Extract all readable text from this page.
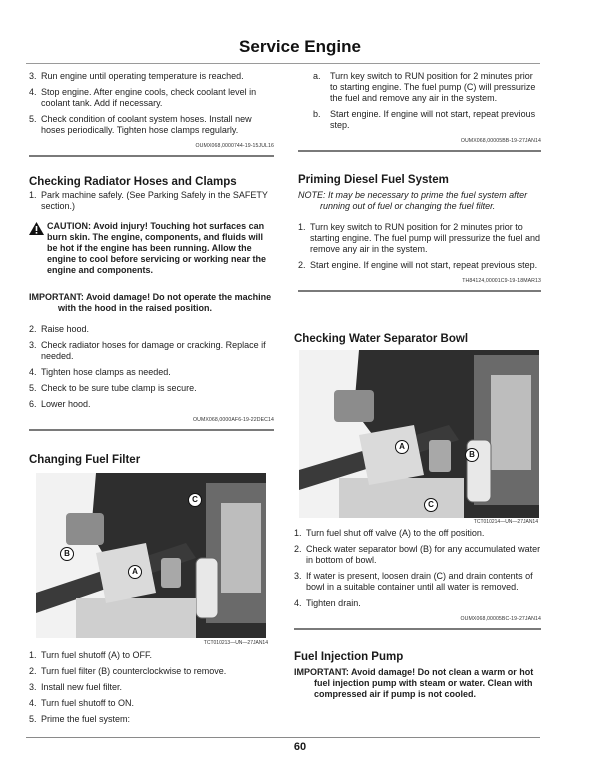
Service Engine
3. Run engine until operating temperature is reached.
4. Stop engine. After engine cools, check coolant level in coolant tank. Add if necessary.
5. Check condition of coolant system hoses. Install new hoses periodically. Tighten hose clamps regularly.
OUMX068,0000744-19-15JUL16
Checking Radiator Hoses and Clamps
1. Park machine safely. (See Parking Safely in the SAFETY section.)
CAUTION: Avoid injury! Touching hot surfaces can burn skin. The engine, components, and fluids will be hot if the engine has been running. Allow the engine to cool before servicing or working near the engine and components.
IMPORTANT: Avoid damage! Do not operate the machine with the hood in the raised position.
2. Raise hood.
3. Check radiator hoses for damage or cracking. Replace if needed.
4. Tighten hose clamps as needed.
5. Check to be sure tube clamp is secure.
6. Lower hood.
OUMX068,0000AF6-19-22DEC14
Changing Fuel Filter
C
B
A
TCT010213—UN—27JAN14
1. Turn fuel shutoff (A) to OFF.
2. Turn fuel filter (B) counterclockwise to remove.
3. Install new fuel filter.
4. Turn fuel shutoff to ON.
5. Prime the fuel system:
a.	Turn key switch to RUN position for 2 minutes prior to starting engine. The fuel pump (C) will pressurize the fuel and remove any air in the system.
b.	Start engine. If engine will not start, repeat previous step.
OUMX068,00005BB-19-27JAN14
Priming Diesel Fuel System
NOTE: It may be necessary to prime the fuel system after running out of fuel or changing the fuel filter.
1. Turn key switch to RUN position for 2 minutes prior to starting engine. The fuel pump will pressurize the fuel and remove any air in the system.
2. Start engine. If engine will not start, repeat previous step.
TH84124,00001C9-19-18MAR13
Checking Water Separator Bowl
A
B
C
TCT010214—UN—27JAN14
1. Turn fuel shut off valve (A) to the off position.
2. Check water separator bowl (B) for any accumulated water in bottom of bowl.
3. If water is present, loosen drain (C) and drain contents of bowl in a suitable container until all water is removed.
4. Tighten drain.
OUMX068,00005BC-19-27JAN14
Fuel Injection Pump
IMPORTANT: Avoid damage! Do not clean a warm or hot fuel injection pump with steam or water. Clean with compressed air if pump is not cooled.
60
